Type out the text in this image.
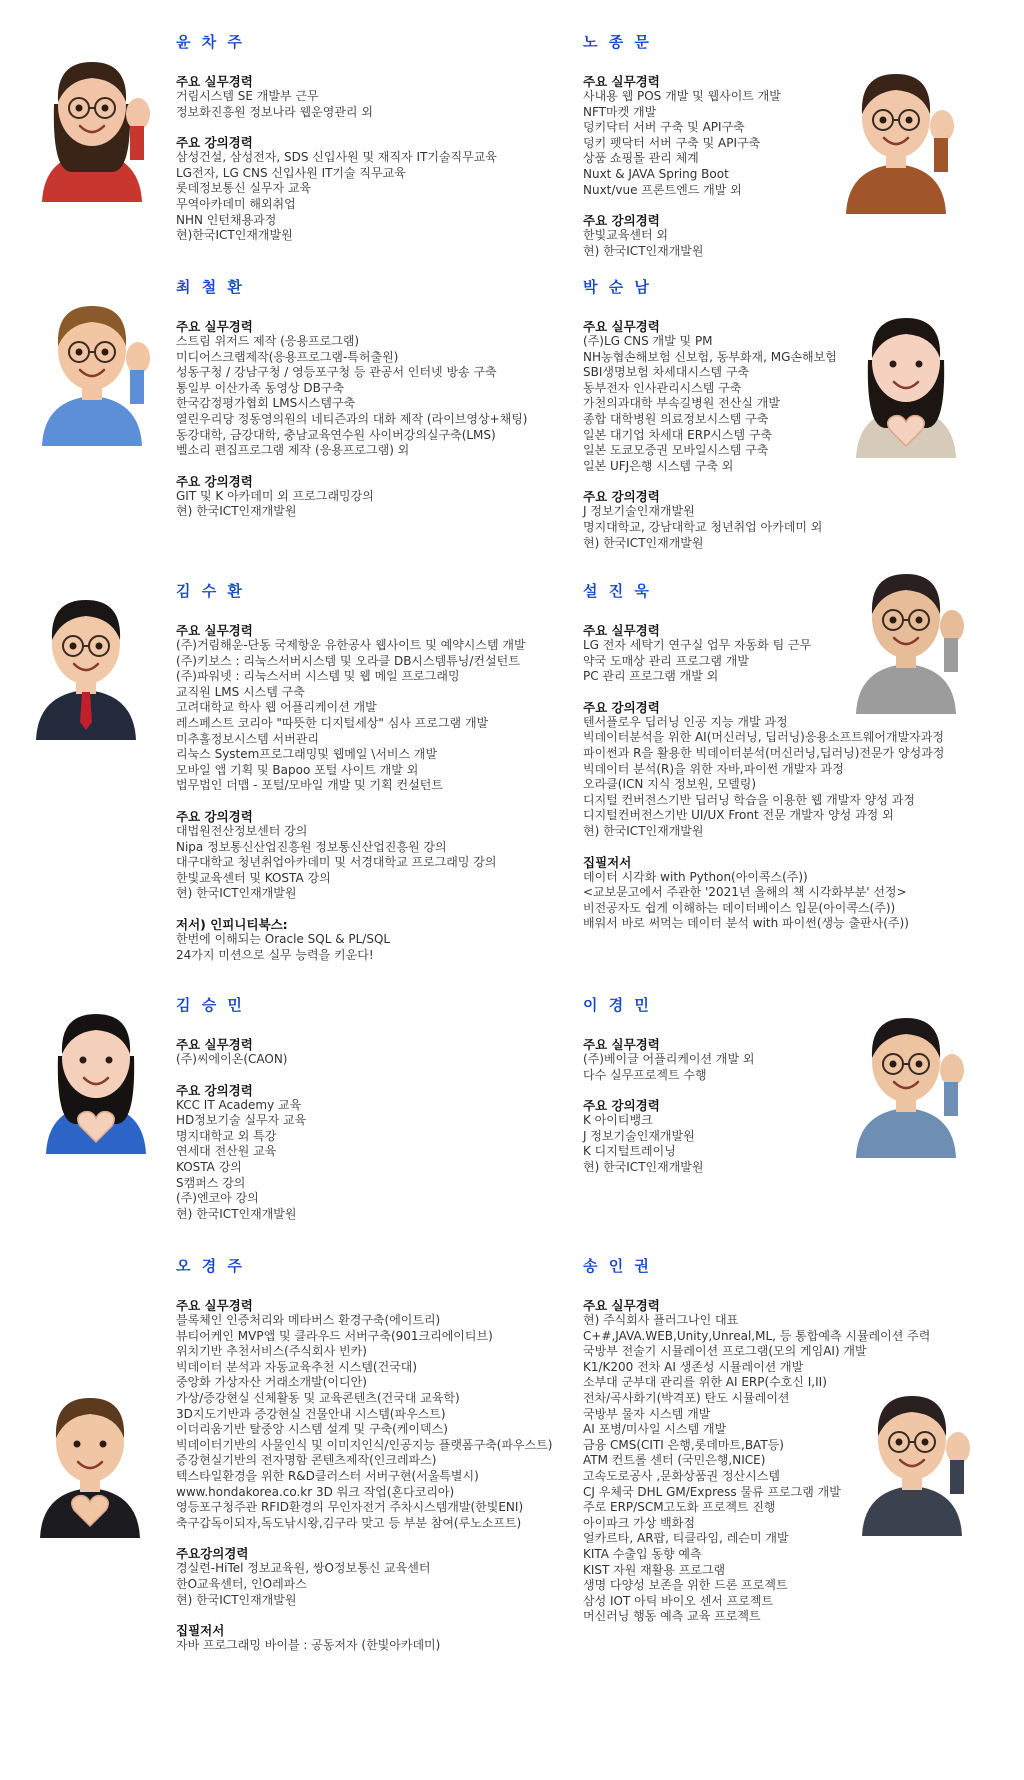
윤 차 주
주요 실무경력
거림시스템 SE 개발부 근무
정보화진흥원 정보나라 웹운영관리 외
주요 강의경력
삼성건설, 삼성전자, SDS 신입사원 및 재직자 IT기술직무교육
LG전자, LG CNS 신입사원 IT기술 직무교육
롯데정보통신 실무자 교육
무역아카데미 해외취업
NHN 인턴채용과정
현)한국ICT인재개발원
노 종 문
주요 실무경력
사내용 웹 POS 개발 및 웹사이트 개발
NFT마켓 개발
덩키닥터 서버 구축 및 API구축
덩키 펫닥터 서버 구축 및 API구축
상품 쇼핑몰 관리 체계
Nuxt & JAVA Spring Boot
Nuxt/vue 프론트엔드 개발 외
주요 강의경력
한빛교육센터 외
현) 한국ICT인재개발원
최 철 환
주요 실무경력
스트림 위저드 제작 (응용프로그램)
미디어스크랩제작(응용프로그램-특허출원)
성동구청 / 강남구청 / 영등포구청 등 관공서 인터넷 방송 구축
통일부 이산가족 동영상 DB구축
한국감정평가협회 LMS시스템구축
열린우리당 정동영의원의 네티즌과의 대화 제작 (라이브영상+채팅)
동강대학, 금강대학, 충남교육연수원 사이버강의실구축(LMS)
벨소리 편집프로그램 제작 (응용프로그램) 외
주요 강의경력
GIT 및 K 아카데미 외 프로그래밍강의
현) 한국ICT인재개발원
박 순 남
주요 실무경력
(주)LG CNS 개발 및 PM
NH농협손해보험 신보험, 동부화재, MG손해보험
SBI생명보험 차세대시스템 구축
동부전자 인사관리시스템 구축
가천의과대학 부속길병원 전산실 개발
종합 대학병원 의료정보시스템 구축
일본 대기업 차세대 ERP시스템 구축
일본 도쿄모증권 모바일시스템 구축
일본 UFJ은행 시스템 구축 외
주요 강의경력
J 정보기술인재개발원
명지대학교, 강남대학교 청년취업 아카데미 외
현) 한국ICT인재개발원
김 수 환
주요 실무경력
(주)거림해운-단동 국제항운 유한공사 웹사이트 및 예약시스템 개발
(주)키보스 : 리눅스서버시스템 및 오라클 DB시스템튜닝/컨설턴트
(주)파워넷 : 리눅스서버 시스템 및 웹 메일 프로그래밍
교직원 LMS 시스템 구축
고려대학교 학사 웹 어플리케이션 개발
레스페스트 코리아 "따뜻한 디지털세상" 심사 프로그램 개발
미추홀정보시스템 서버관리
리눅스 System프로그래밍및 웹메일 \서비스 개발
모바일 앱 기획 및 Bapoo 포털 사이트 개발 외
법무법인 더맵 - 포털/모바일 개발 및 기획 컨설턴트
주요 강의경력
대법원전산정보센터 강의
Nipa 정보통신산업진흥원 정보통신산업진흥원 강의
대구대학교 청년취업아카데미 및 서경대학교 프로그래밍 강의
한빛교육센터 및 KOSTA 강의
현) 한국ICT인재개발원
저서) 인피니티북스:
한번에 이해되는 Oracle SQL & PL/SQL
24가지 미션으로 실무 능력을 키운다!
설 진 욱
주요 실무경력
LG 전자 세탁기 연구실 업무 자동화 팀 근무
약국 도매상 관리 프로그램 개발
PC 관리 프로그램 개발 외
주요 강의경력
텐서플로우 딥러닝 인공 지능 개발 과정
빅데이터분석을 위한 AI(머신러닝, 딥러닝)응용소프트웨어개발자과정
파이썬과 R을 활용한 빅데이터분석(머신러닝,딥러닝)전문가 양성과정
빅데이터 분석(R)을 위한 자바,파이썬 개발자 과정
오라클(ICN 지식 정보원, 모델링)
디지털 컨버전스기반 딥러닝 학습을 이용한 웹 개발자 양성 과정
디지털컨버전스기반 UI/UX Front 전문 개발자 양성 과정 외
현) 한국ICT인재개발원
집필저서
데이터 시각화 with Python(아이콕스(주))
<교보문고에서 주관한 '2021년 올해의 책 시각화부분' 선정>
비전공자도 쉽게 이해하는 데이터베이스 입문(아이콕스(주))
배워서 바로 써먹는 데이터 분석 with 파이썬(생능 출판사(주))
김 승 민
주요 실무경력
(주)씨에이온(CAON)
주요 강의경력
KCC IT Academy 교육
HD정보기술 실무자 교육
명지대학교 외 특강
연세대 전산원 교육
KOSTA 강의
S캠퍼스 강의
(주)엔코아 강의
현) 한국ICT인재개발원
이 경 민
주요 실무경력
(주)베이글 어플리케이션 개발 외
다수 실무프로젝트 수행
주요 강의경력
K 아이티뱅크
J 정보기술인재개발원
K 디지털트레이닝
현) 한국ICT인재개발원
오 경 주
주요 실무경력
블록체인 인증처리와 메타버스 환경구축(에이트리)
뷰티어케인 MVP앱 및 클라우드 서버구축(901크리에이티브)
위치기반 추천서비스(주식회사 빈카)
빅데이터 분석과 자동교육추천 시스템(건국대)
중앙화 가상자산 거래소개발(이디안)
가상/증강현실 신체활동 및 교육콘텐츠(건국대 교육학)
3D지도기반과 증강현실 건물안내 시스템(파우스트)
이더리움기반 탈중앙 시스템 설계 및 구축(케이덱스)
빅데이터기반의 사물인식 및 이미지인식/인공지능 플랫폼구축(파우스트)
증강현실기반의 전자명함 콘텐츠제작(인크레파스)
텍스타일환경을 위한 R&D클러스터 서버구현(서울특별시)
www.hondakorea.co.kr 3D 워크 작업(혼다코리아)
영등포구청주관 RFID환경의 무인자전거 주차시스템개발(한빛ENI)
축구갑독이되자,독도낚시왕,김구라 맞고 등 부분 참여(루노소프트)
주요강의경력
경실련-HiTel 정보교육원, 쌍O정보통신 교육센터
한O교육센터, 인O레파스
현) 한국ICT인재개발원
집필저서
자바 프로그래밍 바이블 : 공동저자 (한빛아카데미)
송 인 권
주요 실무경력
현) 주식회사 플러그나인 대표
C+#,JAVA.WEB,Unity,Unreal,ML, 등 통합예측 시뮬레이션 주력
국방부 전술기 시뮬레이션 프로그램(모의 게임AI) 개발
K1/K200 전차 AI 생존성 시뮬레이션 개발
소부대 군부대 관리를 위한 AI ERP(수호신 I,II)
전차/곡사화기(박격포) 탄도 시뮬레이션
국방부 물자 시스템 개발
AI 포병/미사일 시스템 개발
금융 CMS(CITI 은행,롯데마트,BAT등)
ATM 컨트롤 센터 (국민은행,NICE)
고속도로공사 ,문화상품권 정산시스템
CJ 우체국 DHL GM/Express 물류 프로그램 개발
주로 ERP/SCM고도화 프로젝트 진행
아이파크 가상 백화점
얼카르타, AR팝, 티클라임, 레슨미 개발
KITA 수출입 동향 예측
KIST 자원 재활용 프로그램
생명 다양성 보존을 위한 드론 프로젝트
삼성 IOT 아틱 바이오 센서 프로젝트
머신러닝 행동 예측 교육 프로젝트
